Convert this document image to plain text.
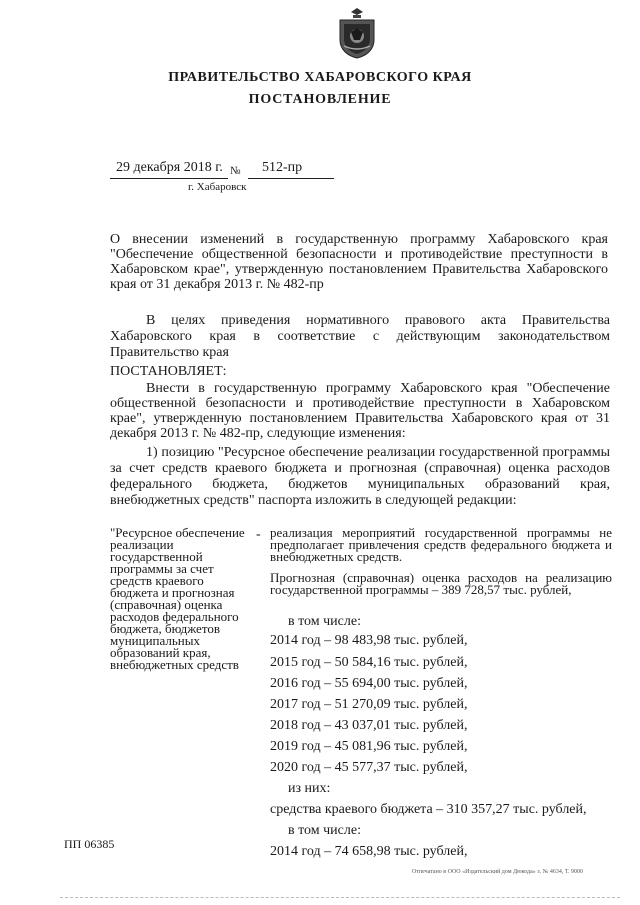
ПРАВИТЕЛЬСТВО ХАБАРОВСКОГО КРАЯ
ПОСТАНОВЛЕНИЕ
29 декабря 2018 г. № 512-пр
г. Хабаровск
О внесении изменений в государственную программу Хабаровского края "Обеспечение общественной безопасности и противодействие преступности в Хабаровском крае", утвержденную постановлением Правительства Хабаровского края от 31 декабря 2013 г. № 482-пр
В целях приведения нормативного правового акта Правительства Хабаровского края в соответствие с действующим законодательством Правительство края
ПОСТАНОВЛЯЕТ:
Внести в государственную программу Хабаровского края "Обеспечение общественной безопасности и противодействие преступности в Хабаровском крае", утвержденную постановлением Правительства Хабаровского края от 31 декабря 2013 г. № 482-пр, следующие изменения:
1) позицию "Ресурсное обеспечение реализации государственной программы за счет средств краевого бюджета и прогнозная (справочная) оценка расходов федерального бюджета, бюджетов муниципальных образований края, внебюджетных средств" паспорта изложить в следующей редакции:
"Ресурсное обеспечение реализации государственной программы за счет средств краевого бюджета и прогнозная (справочная) оценка расходов федерального бюджета, бюджетов муниципальных образований края, внебюджетных средств
- реализация мероприятий государственной программы не предполагает привлечения средств федерального бюджета и внебюджетных средств.
Прогнозная (справочная) оценка расходов на реализацию государственной программы – 389 728,57 тыс. рублей,
в том числе:
2014 год – 98 483,98 тыс. рублей,
2015 год – 50 584,16 тыс. рублей,
2016 год – 55 694,00 тыс. рублей,
2017 год – 51 270,09 тыс. рублей,
2018 год – 43 037,01 тыс. рублей,
2019 год – 45 081,96 тыс. рублей,
2020 год – 45 577,37 тыс. рублей,
из них:
средства краевого бюджета – 310 357,27 тыс. рублей,
в том числе:
2014 год – 74 658,98 тыс. рублей,
ПП 06385
Отпечатано в ООО «Издательский дом Дюкода» з. № 4634, Т. 9000
